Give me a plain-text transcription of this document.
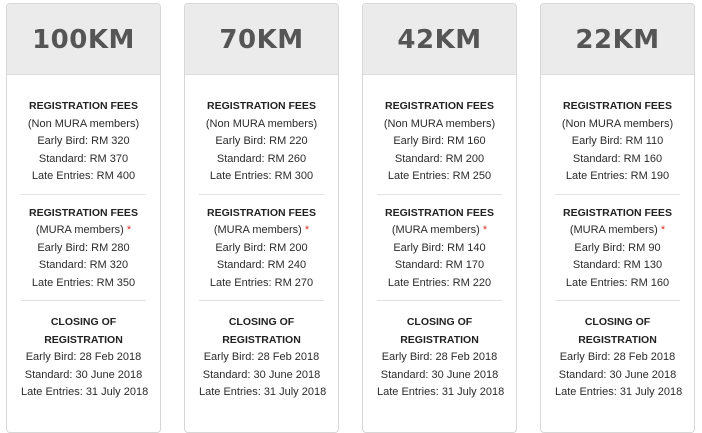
100KM
REGISTRATION FEES
(Non MURA members)
Early Bird: RM 320
Standard: RM 370
Late Entries: RM 400
REGISTRATION FEES
(MURA members) *
Early Bird: RM 280
Standard: RM 320
Late Entries: RM 350
CLOSING OF REGISTRATION
Early Bird: 28 Feb 2018
Standard: 30 June 2018
Late Entries: 31 July 2018
70KM
REGISTRATION FEES
(Non MURA members)
Early Bird: RM 220
Standard: RM 260
Late Entries: RM 300
REGISTRATION FEES
(MURA members) *
Early Bird: RM 200
Standard: RM 240
Late Entries: RM 270
CLOSING OF REGISTRATION
Early Bird: 28 Feb 2018
Standard: 30 June 2018
Late Entries: 31 July 2018
42KM
REGISTRATION FEES
(Non MURA members)
Early Bird: RM 160
Standard: RM 200
Late Entries: RM 250
REGISTRATION FEES
(MURA members) *
Early Bird: RM 140
Standard: RM 170
Late Entries: RM 220
CLOSING OF REGISTRATION
Early Bird: 28 Feb 2018
Standard: 30 June 2018
Late Entries: 31 July 2018
22KM
REGISTRATION FEES
(Non MURA members)
Early Bird: RM 110
Standard: RM 160
Late Entries: RM 190
REGISTRATION FEES
(MURA members) *
Early Bird: RM 90
Standard: RM 130
Late Entries: RM 160
CLOSING OF REGISTRATION
Early Bird: 28 Feb 2018
Standard: 30 June 2018
Late Entries: 31 July 2018
